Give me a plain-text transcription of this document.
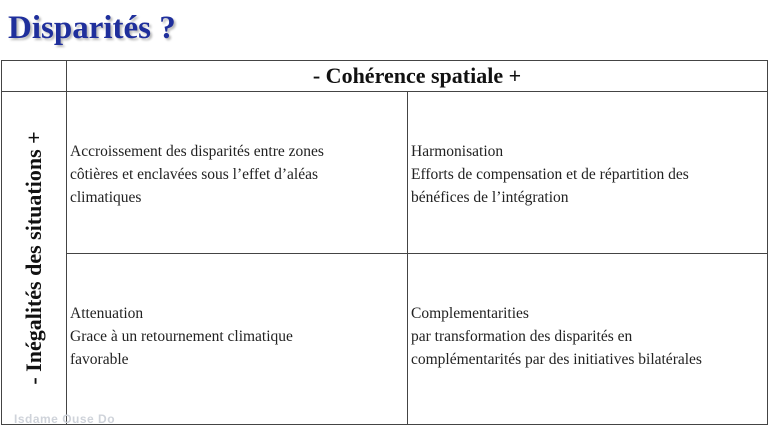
Disparités ?
- Cohérence spatiale +
- Inégalités des situations + Accroissement des disparités entre zones
côtières et enclavées sous l’effet d’aléas
climatiques
Harmonisation
Efforts de compensation et de répartition des
bénéfices de l’intégration
Attenuation
Grace à un retournement climatique
favorable
Complementarities
par transformation des disparités en
complémentarités par des initiatives bilatérales
Isdame Ouse Do
